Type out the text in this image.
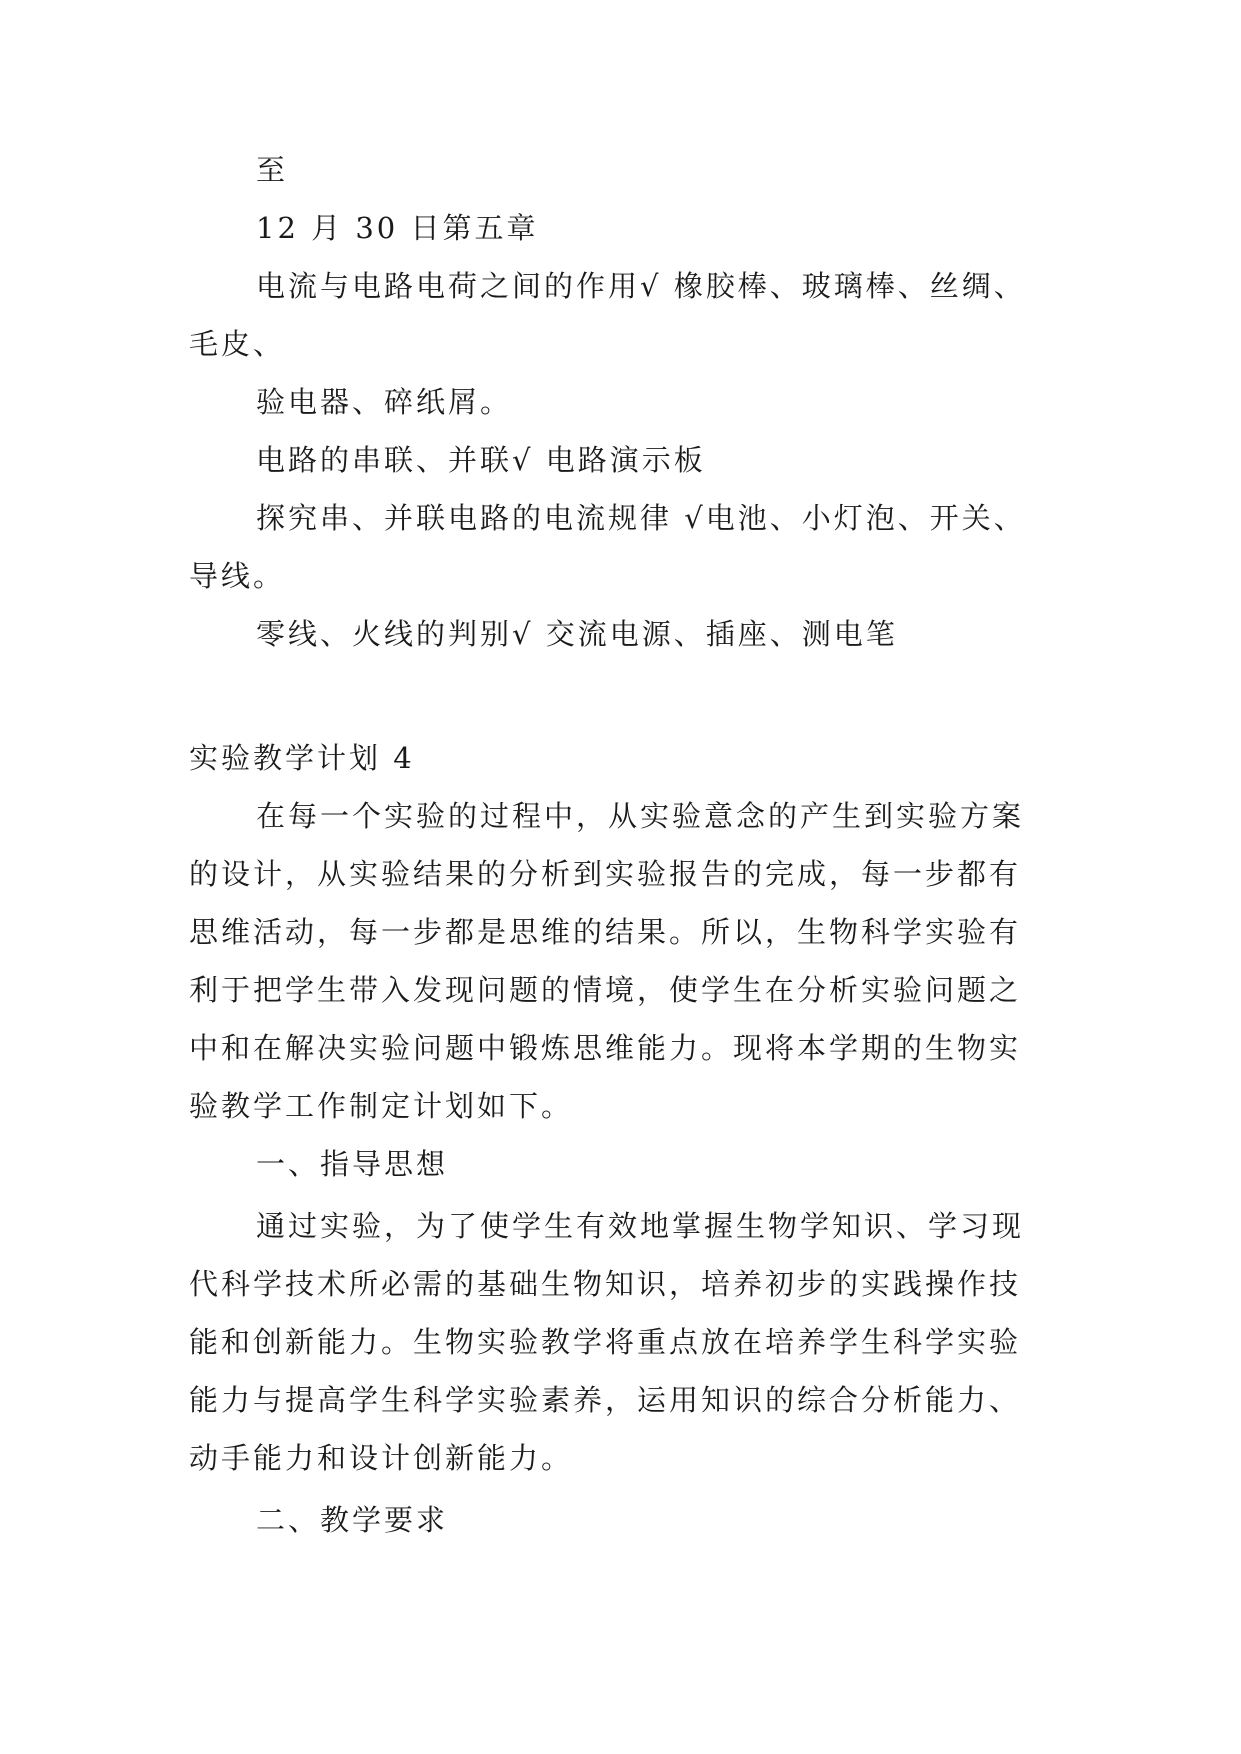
至
12 月 30 日第五章
电流与电路电荷之间的作用√ 橡胶棒、玻璃棒、丝绸、
毛皮、
验电器、碎纸屑。
电路的串联、并联√ 电路演示板
探究串、并联电路的电流规律 √电池、小灯泡、开关、
导线。
零线、火线的判别√ 交流电源、插座、测电笔
实验教学计划 4
在每一个实验的过程中，从实验意念的产生到实验方案
的设计，从实验结果的分析到实验报告的完成，每一步都有
思维活动，每一步都是思维的结果。所以，生物科学实验有
利于把学生带入发现问题的情境，使学生在分析实验问题之
中和在解决实验问题中锻炼思维能力。现将本学期的生物实
验教学工作制定计划如下。
一、指导思想
通过实验，为了使学生有效地掌握生物学知识、学习现
代科学技术所必需的基础生物知识，培养初步的实践操作技
能和创新能力。生物实验教学将重点放在培养学生科学实验
能力与提高学生科学实验素养，运用知识的综合分析能力、
动手能力和设计创新能力。
二、教学要求
